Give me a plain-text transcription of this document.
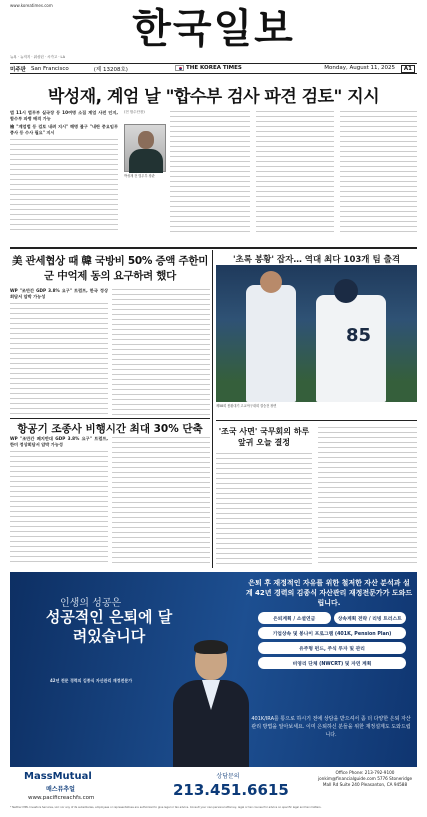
www.koreatimes.com	한국일보
뉴욕 · 뉴저지 · 워싱턴 · 시카고 · LA
미주판 San Francisco	(제 13208호)	THE KOREA TIMES	Monday, August 11, 2025	A1
박성재, 계엄 날 "합수부 검사 파견 검토" 지시
법 11시 법무부 실국장 등 10여명 소집 계엄 사전 인지, 합수부 파병 배격 가능
檢 "계엄법 등 검토 내려 지시" 해명 불구 "내란 중요임무 종사 등 수사 필요" 지시
(전 합수단장)
박성재 전 법무부 장관
美 관세협상 때 韓 국방비 50% 증액 주한미군 中억제 동의 요구하려 했다
WP "조만간 GDP 3.8% 요구" 트럼프, 한국 정상회담서 압박 가능성
'초록 봉황' 잡자… 역대 최다 103개 팀 출격
85
제58회 봉황대기 고교야구대회 결승전 장면
항공기 조종사 비행시간 최대 30% 단축
WP "조만간 폐지반대 GDP 3.8% 요구" 트럼프, 한미 정상회담서 압박 가능성
'조국 사면' 국무회의 하루 앞귀 오늘 결정
인생의 성공은
성공적인 은퇴에 달려있습니다
42년 전문 경력의 김종식 자산관리 재정전문가
은퇴 후 재정적인 자유를 위한 철저한 자산 분석과 설계 42년 경력의 김종식 자산관리 재정전문가가 도와드립니다.
은퇴계획 / 소셜연금	상속계획 전략 / 리빙 트러스트
기업상속 및 봉나이 프로그램 (401K, Pension Plan)
유주형 펀드, 주식 투자 및 관리
비영리 단체 (NWCRT) 및 자연 계획
401K/IRA를 통으로 하시기 전에 상담을 받으셔서 좀 더 다양한 은퇴 자산 관리 방법을 알아보세요. 이미 은퇴하신 분들을 위한 재정설계도 도와드립니다.
MassMutual
매스뮤추얼
www.pacificreachfs.com
상담문의
213.451.6615
Office Phone: 213-792-9100 jonkim@financialguide.com 5776 Stoneridge Mall Rd Suite 240 Pleasanton, CA 94588
* Neither MML Investors Services, LLC nor any of its subsidiaries, employees or representatives are authorized to give legal or tax advice. Consult your own personal attorney, legal or tax counsel for advice on specific legal and tax matters.
